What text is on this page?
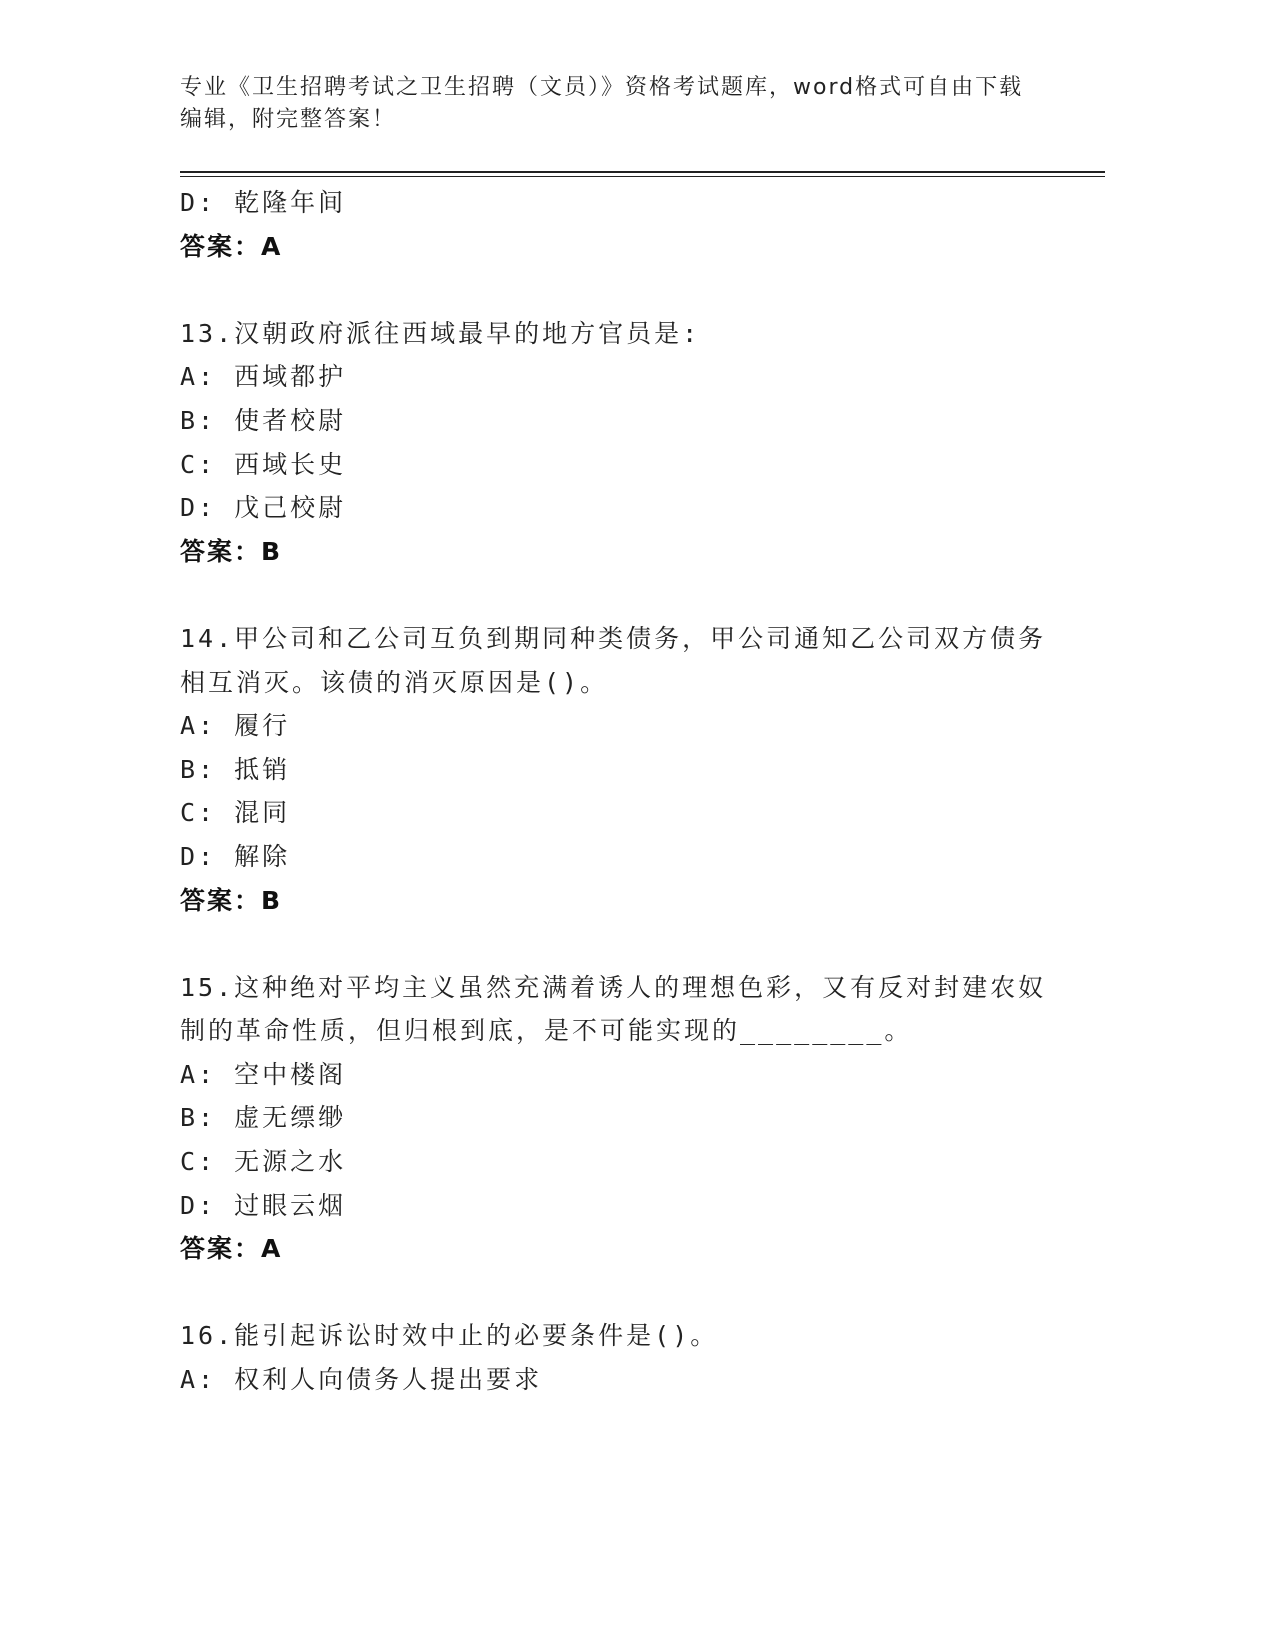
专业《卫生招聘考试之卫生招聘（文员）》资格考试题库，word格式可自由下载
编辑，附完整答案！
D: 乾隆年间
答案：A
13.汉朝政府派往西域最早的地方官员是:
A: 西域都护
B: 使者校尉
C: 西域长史
D: 戊己校尉
答案：B
14.甲公司和乙公司互负到期同种类债务，甲公司通知乙公司双方债务
相互消灭。该债的消灭原因是()。
A: 履行
B: 抵销
C: 混同
D: 解除
答案：B
15.这种绝对平均主义虽然充满着诱人的理想色彩，又有反对封建农奴
制的革命性质，但归根到底，是不可能实现的________。
A: 空中楼阁
B: 虚无缥缈
C: 无源之水
D: 过眼云烟
答案：A
16.能引起诉讼时效中止的必要条件是()。
A: 权利人向债务人提出要求
